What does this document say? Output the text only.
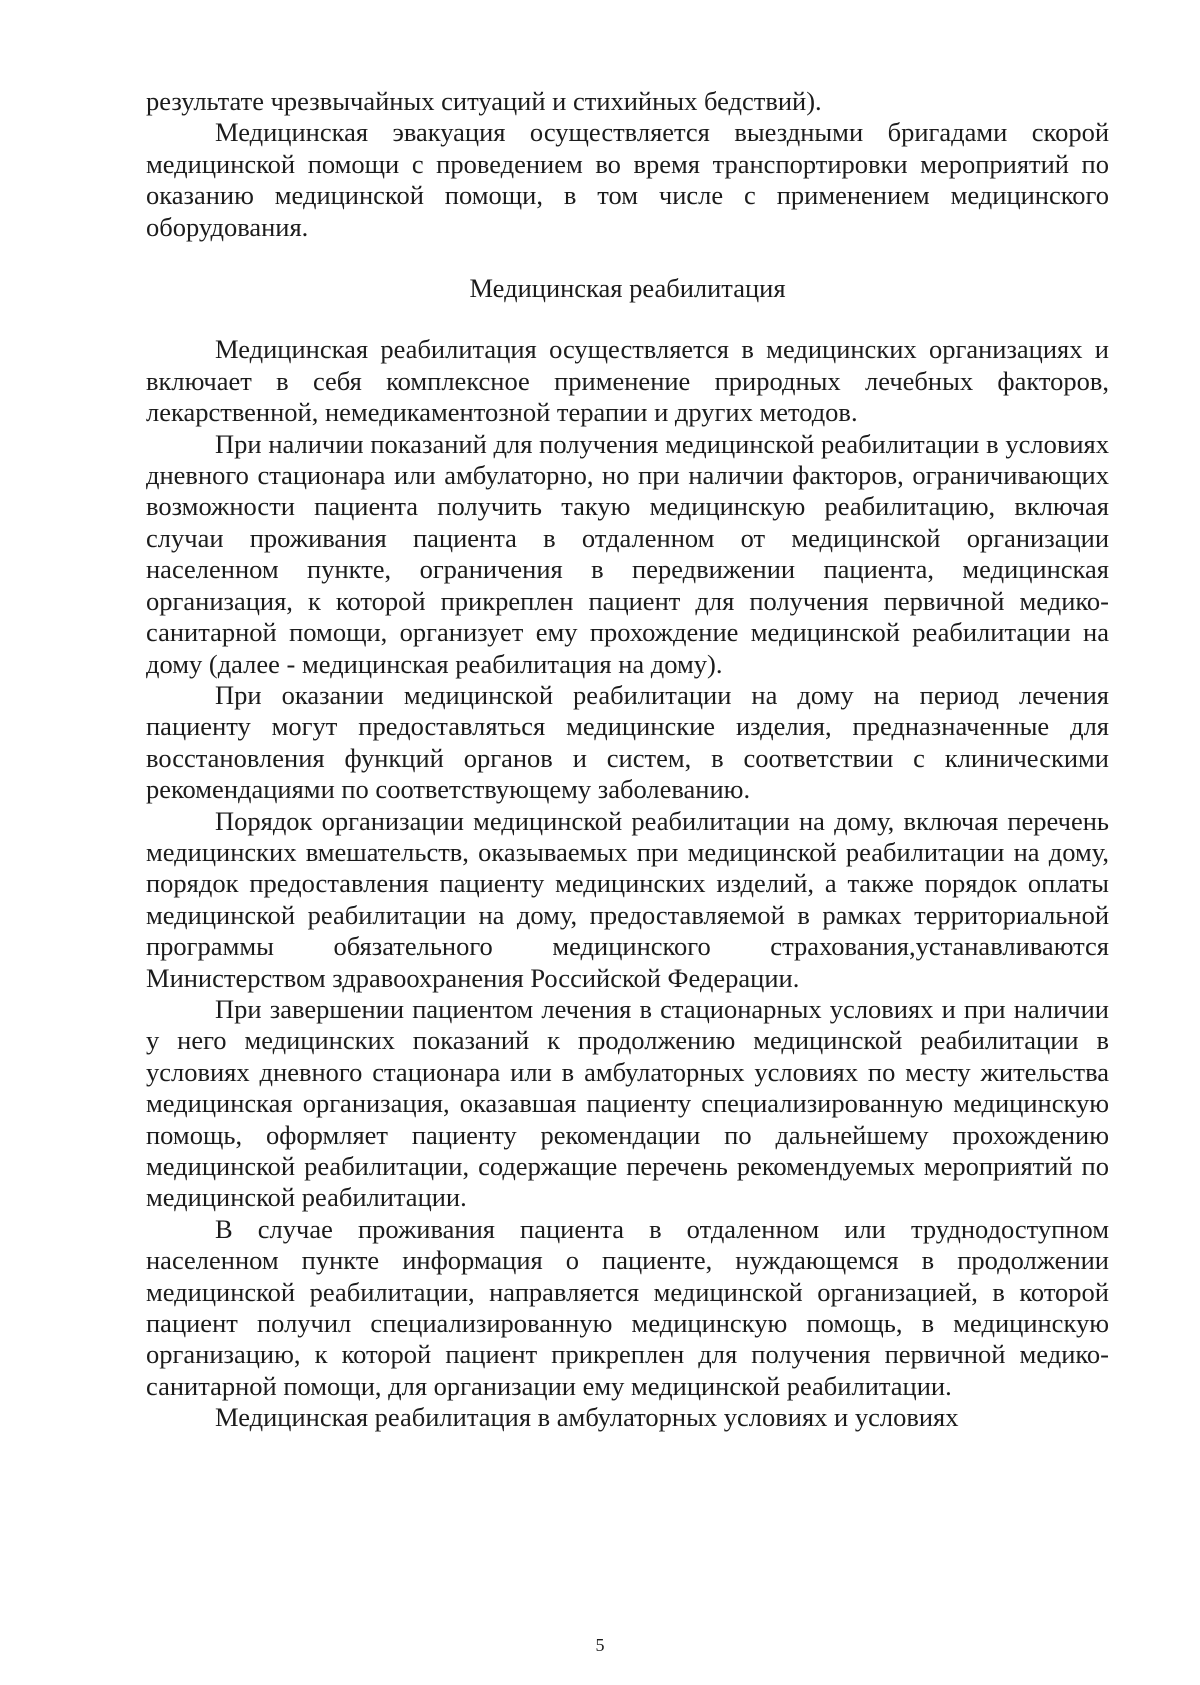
результате чрезвычайных ситуаций и стихийных бедствий).

Медицинская эвакуация осуществляется выездными бригадами скорой медицинской помощи с проведением во время транспортировки мероприятий по оказанию медицинской помощи, в том числе с применением медицинского оборудования.

Медицинская реабилитация

Медицинская реабилитация осуществляется в медицинских организациях и включает в себя комплексное применение природных лечебных факторов, лекарственной, немедикаментозной терапии и других методов.

При наличии показаний для получения медицинской реабилитации в условиях дневного стационара или амбулаторно, но при наличии факторов, ограничивающих возможности пациента получить такую медицинскую реабилитацию, включая случаи проживания пациента в отдаленном от медицинской организации населенном пункте, ограничения в передвижении пациента, медицинская организация, к которой прикреплен пациент для получения первичной медико-санитарной помощи, организует ему прохождение медицинской реабилитации на дому (далее - медицинская реабилитация на дому).

При оказании медицинской реабилитации на дому на период лечения пациенту могут предоставляться медицинские изделия, предназначенные для восстановления функций органов и систем, в соответствии с клиническими рекомендациями по соответствующему заболеванию.

Порядок организации медицинской реабилитации на дому, включая перечень медицинских вмешательств, оказываемых при медицинской реабилитации на дому, порядок предоставления пациенту медицинских изделий, а также порядок оплаты медицинской реабилитации на дому, предоставляемой в рамках территориальной программы обязательного медицинского страхования,устанавливаются Министерством здравоохранения Российской Федерации.

При завершении пациентом лечения в стационарных условиях и при наличии у него медицинских показаний к продолжению медицинской реабилитации в условиях дневного стационара или в амбулаторных условиях по месту жительства медицинская организация, оказавшая пациенту специализированную медицинскую помощь, оформляет пациенту рекомендации по дальнейшему прохождению медицинской реабилитации, содержащие перечень рекомендуемых мероприятий по медицинской реабилитации.

В случае проживания пациента в отдаленном или труднодоступном населенном пункте информация о пациенте, нуждающемся в продолжении медицинской реабилитации, направляется медицинской организацией, в которой пациент получил специализированную медицинскую помощь, в медицинскую организацию, к которой пациент прикреплен для получения первичной медико-санитарной помощи, для организации ему медицинской реабилитации.

Медицинская реабилитация в амбулаторных условиях и условиях

5
